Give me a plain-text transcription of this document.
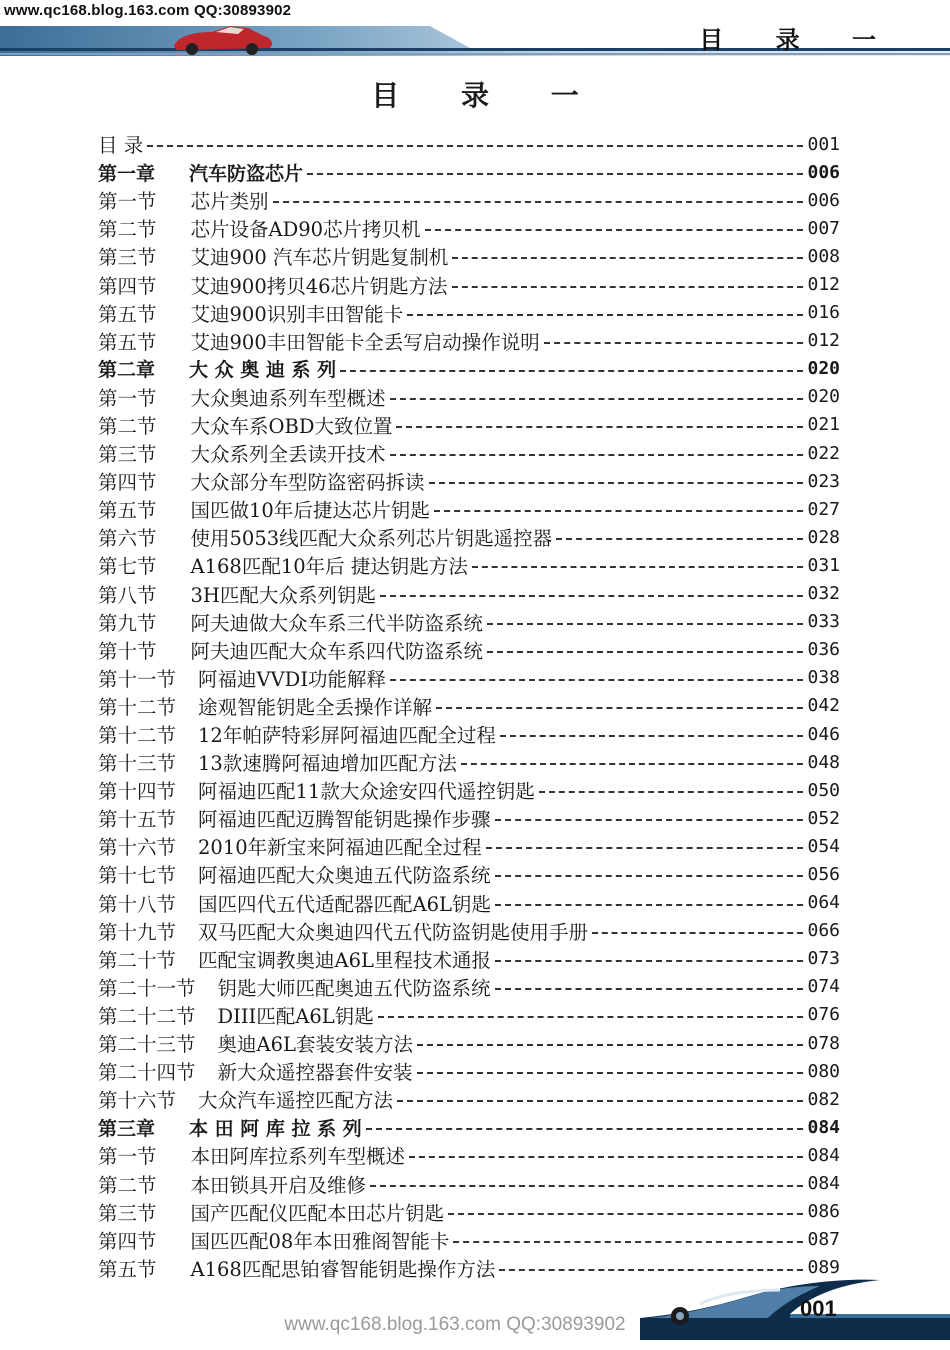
www.qc168.blog.163.com QQ:30893902
目 录 一
目 录 一
目 录	001
第一章 汽车防盗芯片	006
第一节 芯片类别	006
第二节 芯片设备AD90芯片拷贝机	007
第三节 艾迪900 汽车芯片钥匙复制机	008
第四节 艾迪900拷贝46芯片钥匙方法	012
第五节 艾迪900识别丰田智能卡	016
第五节 艾迪900丰田智能卡全丢写启动操作说明	012
第二章 大 众 奥 迪 系 列	020
第一节 大众奥迪系列车型概述	020
第二节 大众车系OBD大致位置	021
第三节 大众系列全丢读开技术	022
第四节 大众部分车型防盗密码拆读	023
第五节 国匹做10年后捷达芯片钥匙	027
第六节 使用5053线匹配大众系列芯片钥匙遥控器	028
第七节 A168匹配10年后 捷达钥匙方法	031
第八节 3H匹配大众系列钥匙	032
第九节 阿夫迪做大众车系三代半防盗系统	033
第十节 阿夫迪匹配大众车系四代防盗系统	036
第十一节 阿福迪VVDI功能解释	038
第十二节 途观智能钥匙全丢操作详解	042
第十二节 12年帕萨特彩屏阿福迪匹配全过程	046
第十三节 13款速腾阿福迪增加匹配方法	048
第十四节 阿福迪匹配11款大众途安四代遥控钥匙	050
第十五节 阿福迪匹配迈腾智能钥匙操作步骤	052
第十六节 2010年新宝来阿福迪匹配全过程	054
第十七节 阿福迪匹配大众奥迪五代防盗系统	056
第十八节 国匹四代五代适配器匹配A6L钥匙	064
第十九节 双马匹配大众奥迪四代五代防盗钥匙使用手册	066
第二十节 匹配宝调教奥迪A6L里程技术通报	073
第二十一节 钥匙大师匹配奥迪五代防盗系统	074
第二十二节 DIII匹配A6L钥匙	076
第二十三节 奥迪A6L套装安装方法	078
第二十四节 新大众遥控器套件安装	080
第十六节 大众汽车遥控匹配方法	082
第三章 本 田 阿 库 拉 系 列	084
第一节 本田阿库拉系列车型概述	084
第二节 本田锁具开启及维修	084
第三节 国产匹配仪匹配本田芯片钥匙	086
第四节 国匹匹配08年本田雅阁智能卡	087
第五节 A168匹配思铂睿智能钥匙操作方法	089
001
www.qc168.blog.163.com QQ:30893902
